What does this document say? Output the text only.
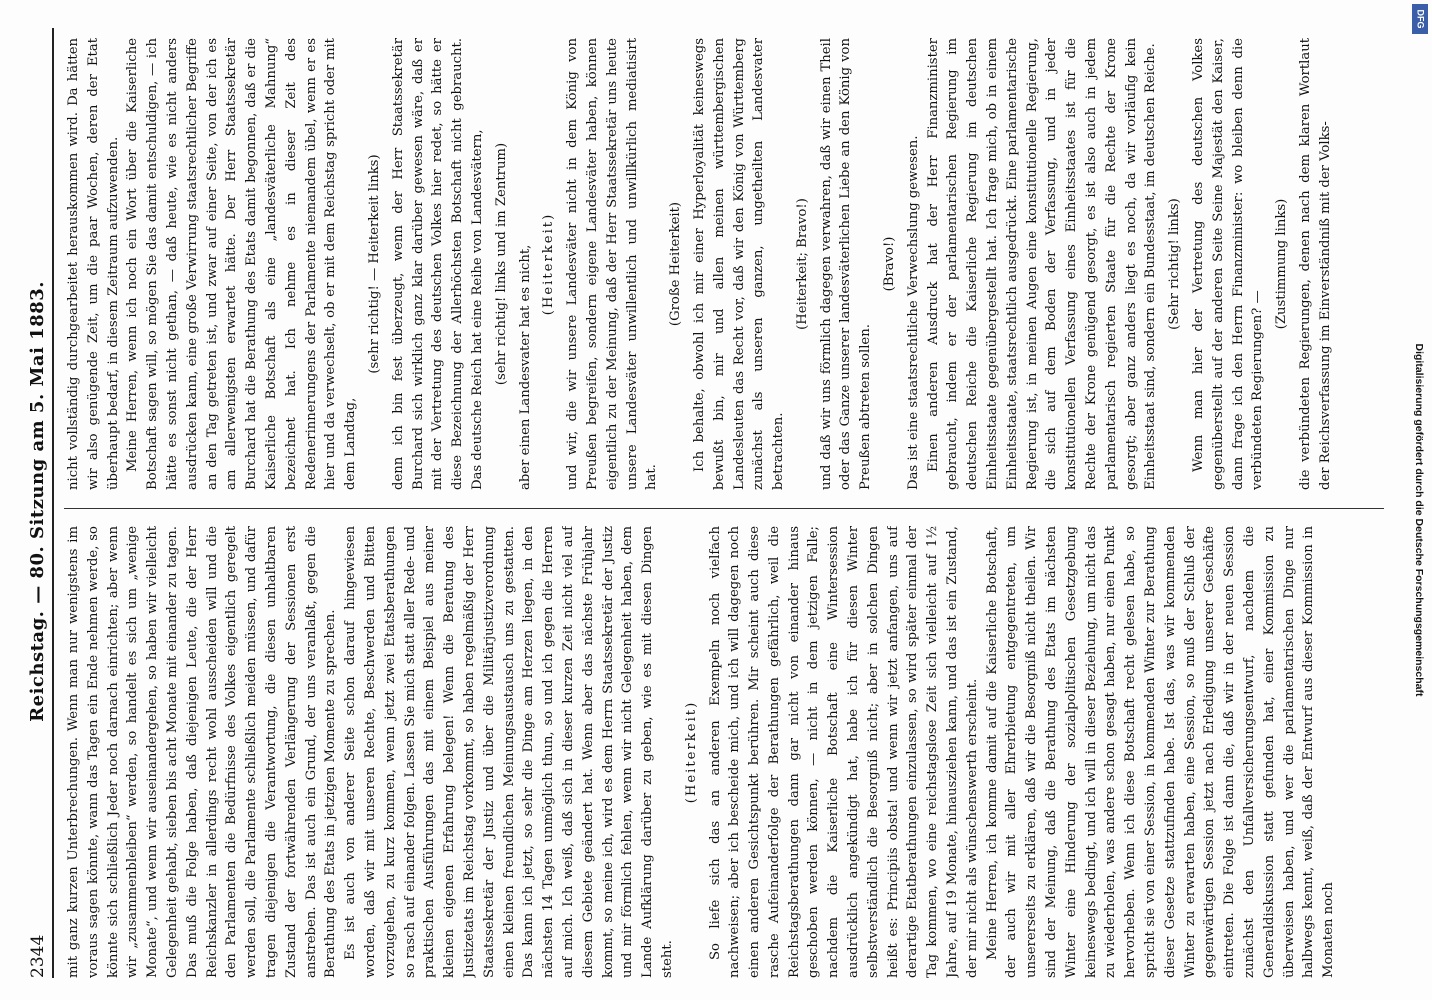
2344
Reichstag. — 80. Sitzung am 5. Mai 1883.

mit ganz kurzen Unterbrechungen. Wenn man nur wenigstens im voraus sagen könnte, wann das Tagen ein Ende nehmen werde, so könnte sich schließlich Jeder noch darnach einrichten; aber wenn wir „zusammenbleiben“ werden, so handelt es sich um „wenige Monate“, und wenn wir auseinandergehen, so haben wir vielleicht Gelegenheit gehabt, sieben bis acht Monate mit einander zu tagen. Das muß die Folge haben, daß diejenigen Leute, die der Herr Reichskanzler in allerdings recht wohl ausscheiden will und die den Parlamenten die Bedürfnisse des Volkes eigentlich geregelt werden soll, die Parlamente schließlich meiden müssen, und dafür tragen diejenigen die Verantwortung, die diesen unhaltbaren Zustand der fortwährenden Verlängerung der Sessionen erst anstreben. Das ist auch ein Grund, der uns veranlaßt, gegen die Berathung des Etats in jetzigen Momente zu sprechen. Es ist auch von anderer Seite schon darauf hingewiesen worden, daß wir mit unseren Rechte, Beschwerden und Bitten vorzugehen, zu kurz kommen, wenn jetzt zwei Etatsberathungen so rasch auf einander folgen. Lassen Sie mich statt aller Rede- und praktischen Ausführungen das mit einem Beispiel aus meiner kleinen eigenen Erfahrung belegen! Wenn die Beratung des Justizetats im Reichstag vorkommt, so haben regelmäßig der Herr Staatssekretär der Justiz und über die Militärjustizverordnung einen kleinen freundlichen Meinungsaustausch uns zu gestatten. Das kann ich jetzt, so sehr die Dinge am Herzen liegen, in den nächsten 14 Tagen unmöglich thun, so und ich gegen die Herren auf mich. Ich weiß, daß sich in dieser kurzen Zeit nicht viel auf diesem Gebiete geändert hat. Wenn aber das nächste Frühjahr kommt, so meine ich, wird es dem Herrn Staatssekretär der Justiz und mir förmlich fehlen, wenn wir nicht Gelegenheit haben, dem Lande Aufklärung darüber zu geben, wie es mit diesen Dingen steht.

(Heiterkeit) So liefe sich das an anderen Exempeln noch vielfach nachweisen; aber ich bescheide mich, und ich will dagegen noch einen anderen Gesichtspunkt berühren. Mir scheint auch diese rasche Aufeinanderfolge der Berathungen gefährlich, weil die Reichstagsberathungen dann gar nicht von einander hinaus geschoben werden können, — nicht in dem jetzigen Falle; nachdem die Kaiserliche Botschaft eine Wintersession ausdrücklich angekündigt hat, habe ich für diesen Winter selbstverständlich die Besorgniß nicht; aber in solchen Dingen heißt es: Principiis obsta! und wenn wir jetzt anfangen, uns auf derartige Etatberathungen einzulassen, so wird später einmal der Tag kommen, wo eine reichstagslose Zeit sich vielleicht auf 1½ Jahre, auf 19 Monate, hinausziehen kann, und das ist ein Zustand, der mir nicht als wünschenswerth erscheint. Meine Herren, ich komme damit auf die Kaiserliche Botschaft, der auch wir mit aller Ehrerbietung entgegentreten, um unsererseits zu erklären, daß wir die Besorgniß nicht theilen. Wir sind der Meinung, daß die Berathung des Etats im nächsten Winter eine Hinderung der sozialpolitischen Gesetzgebung keineswegs bedingt, und ich will in dieser Beziehung, um nicht das zu wiederholen, was andere schon gesagt haben, nur einen Punkt hervorheben. Wenn ich diese Botschaft recht gelesen habe, so spricht sie von einer Session, in kommenden Winter zur Berathung dieser Gesetze stattzufinden habe. Ist das, was wir kommenden Winter zu erwarten haben, eine Session, so muß der Schluß der gegenwärtigen Session jetzt nach Erledigung unserer Geschäfte eintreten. Die Folge ist dann die, daß wir in der neuen Session zunächst den Unfallversicherungsentwurf, nachdem die Generaldiskussion statt gefunden hat, einer Kommission zu überweisen haben, und wer die parlamentarischen Dinge nur halbwegs kennt, weiß, daß der Entwurf aus dieser Kommission in Monaten noch

nicht vollständig durchgearbeitet herauskommen wird. Da hätten wir also genügende Zeit, um die paar Wochen, deren der Etat überhaupt bedarf, in diesem Zeitraum aufzuwenden. Meine Herren, wenn ich noch ein Wort über die Kaiserliche Botschaft sagen will, so mögen Sie das damit entschuldigen, — ich hätte es sonst nicht gethan, — daß heute, wie es nicht anders ausdrücken kann, eine große Verwirrung staatsrechtlicher Begriffe an den Tag getreten ist, und zwar auf einer Seite, von der ich es am allerwenigsten erwartet hätte. Der Herr Staatssekretär Burchard hat die Berathung des Etats damit begonnen, daß er die Kaiserliche Botschaft als eine „landesväterliche Mahnung“ bezeichnet hat. Ich nehme es in dieser Zeit des Redenerinnerungens der Parlamente niemandem übel, wenn er es hier und da verwechselt, ob er mit dem Reichstag spricht oder mit dem Landtag,

(sehr richtig! — Heiterkeit links) denn ich bin fest überzeugt, wenn der Herr Staatssekretär Burchard sich wirklich ganz klar darüber gewesen wäre, daß er mit der Vertretung des deutschen Volkes hier redet, so hätte er diese Bezeichnung der Allerhöchsten Botschaft nicht gebraucht. Das deutsche Reich hat eine Reihe von Landesvätern, (sehr richtig! links und im Zentrum) aber einen Landesvater hat es nicht, (Heiterkeit) und wir, die wir unsere Landesväter nicht in dem König von Preußen begreifen, sondern eigene Landesväter haben, können eigentlich zu der Meinung, daß der Herr Staatssekretär uns heute unsere Landesväter unwillentlich und unwillkürlich mediatisirt hat.

(Große Heiterkeit) Ich behalte, obwohl ich mir einer Hyperloyalität keineswegs bewußt bin, mir und allen meinen württembergischen Landesleuten das Recht vor, daß wir den König von Württemberg zunächst als unseren ganzen, ungetheilten Landesvater betrachten.

(Heiterkeit; Bravo!) und daß wir uns förmlich dagegen verwahren, daß wir einen Theil oder das Ganze unserer landesväterlichen Liebe an den König von Preußen abtreten sollen.

(Bravo!) Das ist eine staatsrechtliche Verwechslung gewesen. Einen anderen Ausdruck hat der Herr Finanzminister gebraucht, indem er der parlamentarischen Regierung im deutschen Reiche die Kaiserliche Regierung im deutschen Einheitsstaate gegenübergestellt hat. Ich frage mich, ob in einem Einheitsstaate, staatsrechtlich ausgedrückt. Eine parlamentarische Regierung ist, in meinen Augen eine konstitutionelle Regierung, die sich auf dem Boden der Verfassung, und in jeder konstitutionellen Verfassung eines Einheitsstaates ist für die Rechte der Krone genügend gesorgt, es ist also auch in jedem parlamentarisch regierten Staate für die Rechte der Krone gesorgt; aber ganz anders liegt es noch, da wir vorläufig kein Einheitsstaat sind, sondern ein Bundesstaat, im deutschen Reiche. (Sehr richtig! links) Wenn man hier der Vertretung des deutschen Volkes gegenüberstellt auf der anderen Seite Seine Majestät den Kaiser, dann frage ich den Herrn Finanzminister: wo bleiben denn die verbündeten Regierungen? —

(Zustimmung links) die verbündeten Regierungen, denen nach dem klaren Wortlaut der Reichsverfassung im Einverständniß mit der Volks-

DFG
Digitalisierung gefördert durch die Deutsche Forschungsgemeinschaft
